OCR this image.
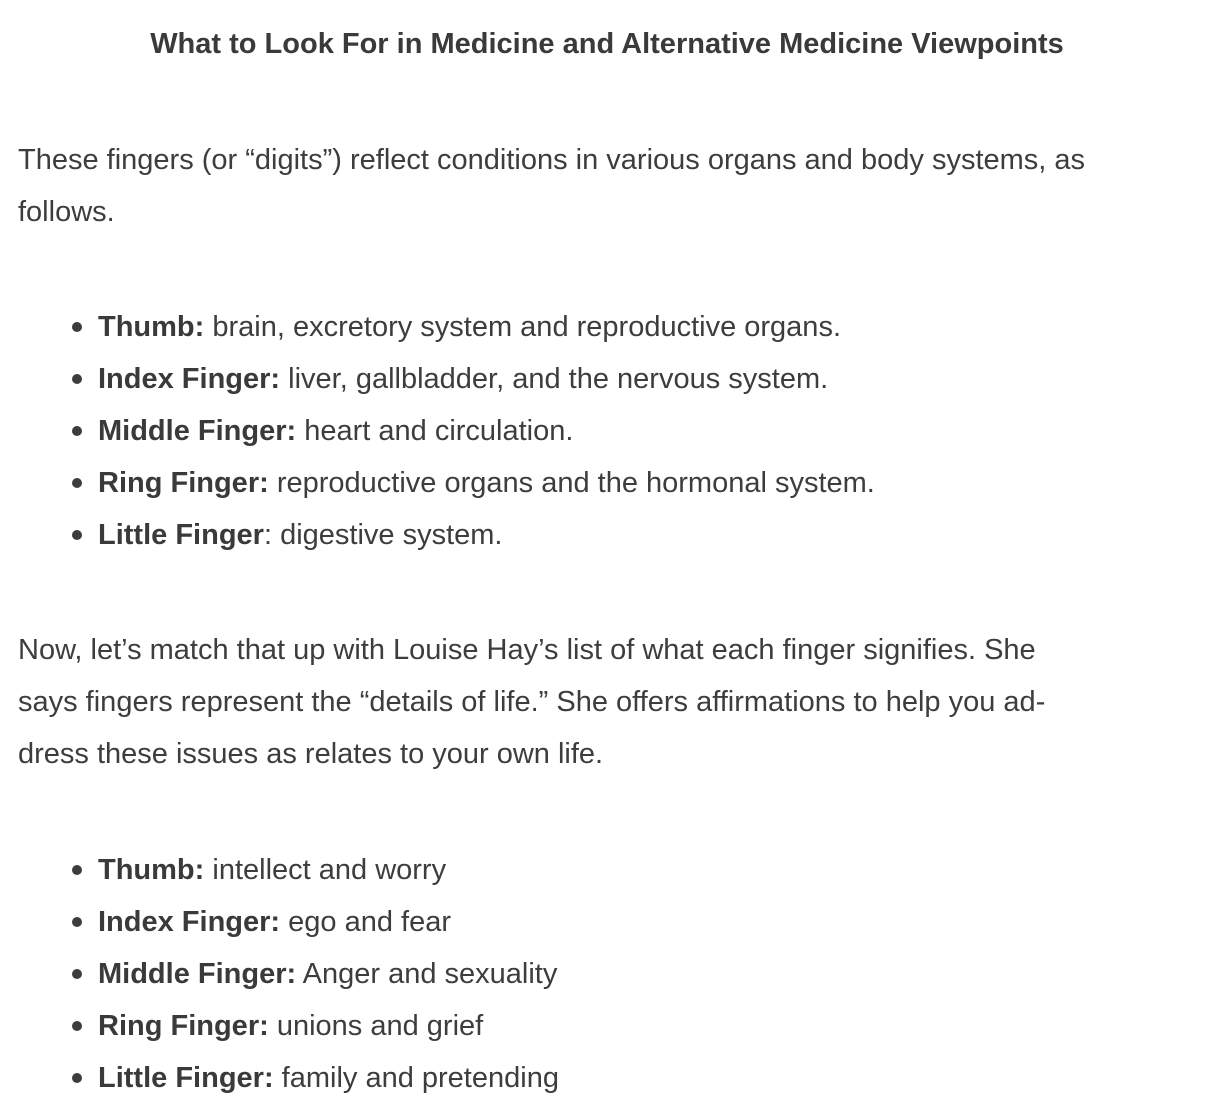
What to Look For in Medicine and Alternative Medicine Viewpoints

These fingers (or “digits”) reflect conditions in various organs and body systems, as
follows.

Thumb: brain, excretory system and reproductive organs.
Index Finger: liver, gallbladder, and the nervous system.
Middle Finger: heart and circulation.
Ring Finger: reproductive organs and the hormonal system.
Little Finger: digestive system.

Now, let’s match that up with Louise Hay’s list of what each finger signifies. She
says fingers represent the “details of life.” She offers affirmations to help you ad-
dress these issues as relates to your own life.

Thumb: intellect and worry
Index Finger: ego and fear
Middle Finger: Anger and sexuality
Ring Finger: unions and grief
Little Finger: family and pretending
